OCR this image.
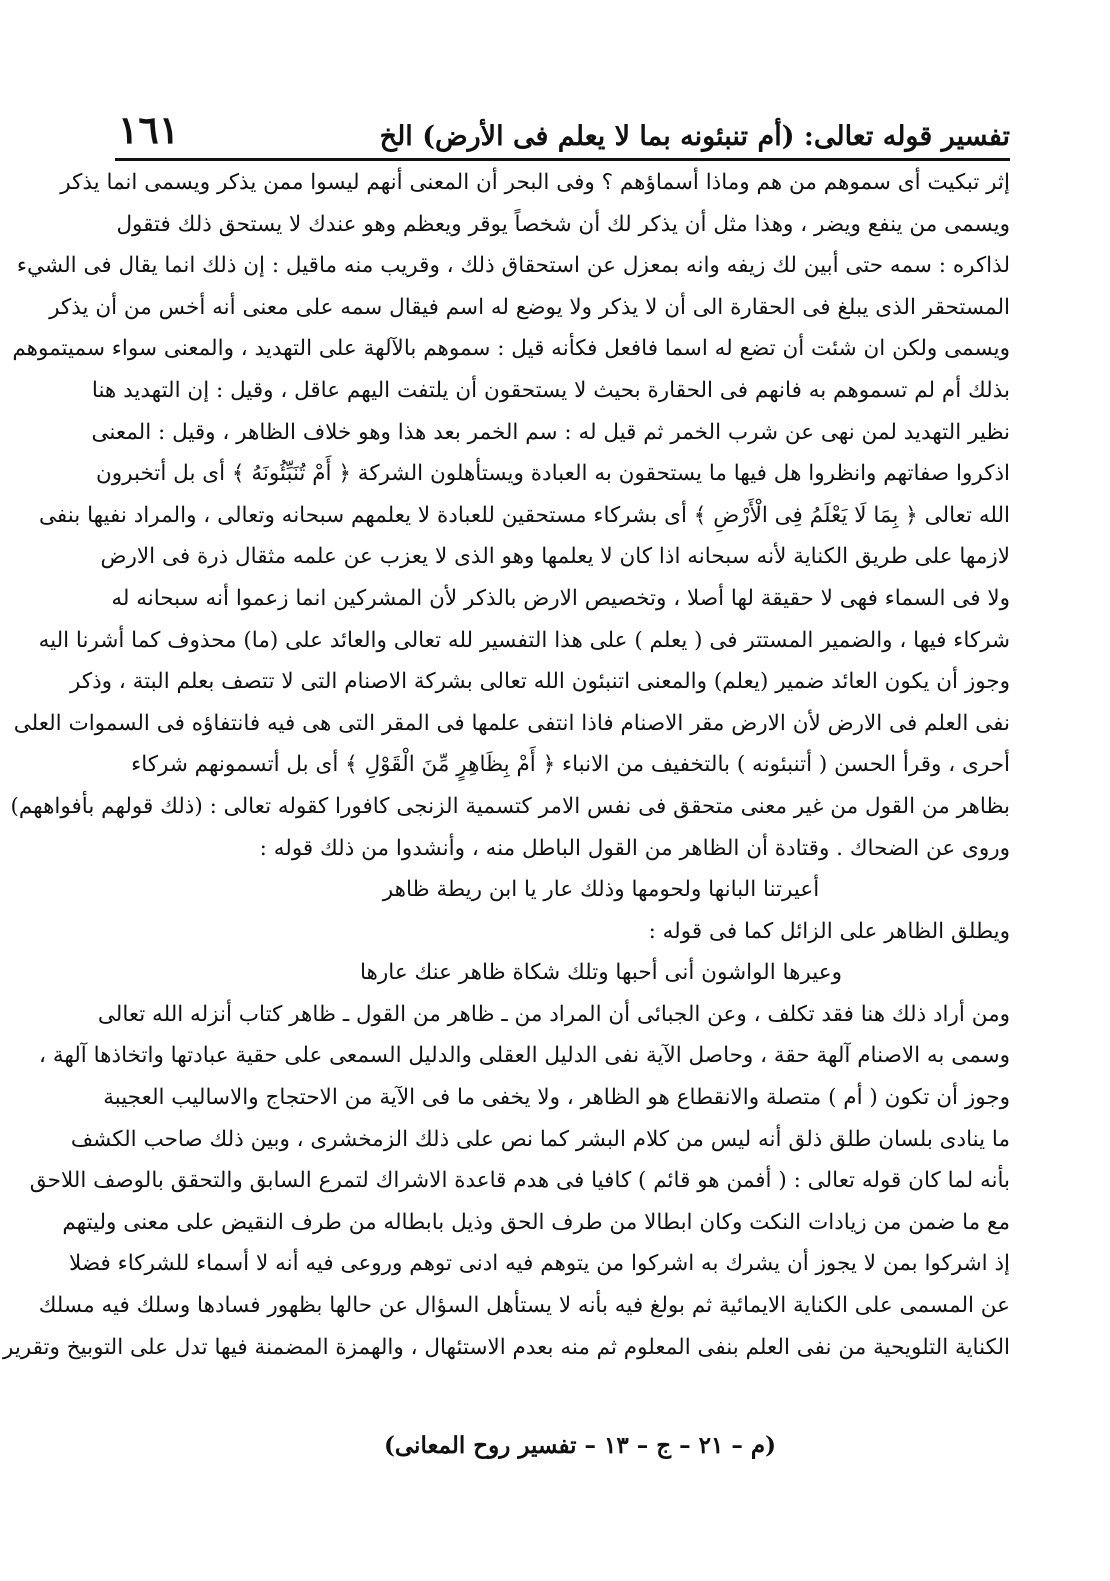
تفسير قوله تعالى: (أم تنبئونه بما لا يعلم فى الأرض) الخ
١٦١
إثر تبكيت أى سموهم من هم وماذا أسماؤهم ؟ وفى البحر أن المعنى أنهم ليسوا ممن يذكر ويسمى انما يذكر
ويسمى من ينفع ويضر ، وهذا مثل أن يذكر لك أن شخصاً يوقر ويعظم وهو عندك لا يستحق ذلك فتقول
لذاكره : سمه حتى أبين لك زيفه وانه بمعزل عن استحقاق ذلك ، وقريب منه ماقيل : إن ذلك انما يقال فى الشيء
المستحقر الذى يبلغ فى الحقارة الى أن لا يذكر ولا يوضع له اسم فيقال سمه على معنى أنه أخس من أن يذكر
ويسمى ولكن ان شئت أن تضع له اسما فافعل فكأنه قيل : سموهم بالآلهة على التهديد ، والمعنى سواء سميتموهم
بذلك أم لم تسموهم به فانهم فى الحقارة بحيث لا يستحقون أن يلتفت اليهم عاقل ، وقيل : إن التهديد هنا
نظير التهديد لمن نهى عن شرب الخمر ثم قيل له : سم الخمر بعد هذا وهو خلاف الظاهر ، وقيل : المعنى
اذكروا صفاتهم وانظروا هل فيها ما يستحقون به العبادة ويستأهلون الشركة ﴿ أَمْ تُنَبِّئُونَهُ ﴾ أى بل أتخبرون
الله تعالى ﴿ بِمَا لَا يَعْلَمُ فِى الْأَرْضِ ﴾ أى بشركاء مستحقين للعبادة لا يعلمهم سبحانه وتعالى ، والمراد نفيها بنفى
لازمها على طريق الكناية لأنه سبحانه اذا كان لا يعلمها وهو الذى لا يعزب عن علمه مثقال ذرة فى الارض
ولا فى السماء فهى لا حقيقة لها أصلا ، وتخصيص الارض بالذكر لأن المشركين انما زعموا أنه سبحانه له
شركاء فيها ، والضمير المستتر فى ( يعلم ) على هذا التفسير لله تعالى والعائد على (ما) محذوف كما أشرنا اليه
وجوز أن يكون العائد ضمير (يعلم) والمعنى اتنبئون الله تعالى بشركة الاصنام التى لا تتصف بعلم البتة ، وذكر
نفى العلم فى الارض لأن الارض مقر الاصنام فاذا انتفى علمها فى المقر التى هى فيه فانتفاؤه فى السموات العلى
أحرى ، وقرأ الحسن ( أتنبئونه ) بالتخفيف من الانباء ﴿ أَمْ بِظَاهِرٍ مِّنَ الْقَوْلِ ﴾ أى بل أتسمونهم شركاء
بظاهر من القول من غير معنى متحقق فى نفس الامر كتسمية الزنجى كافورا كقوله تعالى : (ذلك قولهم بأفواههم)
وروى عن الضحاك . وقتادة أن الظاهر من القول الباطل منه ، وأنشدوا من ذلك قوله :
أعيرتنا البانها ولحومها وذلك عار يا ابن ريطة ظاهر
ويطلق الظاهر على الزائل كما فى قوله :
وعيرها الواشون أنى أحبها وتلك شكاة ظاهر عنك عارها
ومن أراد ذلك هنا فقد تكلف ، وعن الجبائى أن المراد من ـ ظاهر من القول ـ ظاهر كتاب أنزله الله تعالى
وسمى به الاصنام آلهة حقة ، وحاصل الآية نفى الدليل العقلى والدليل السمعى على حقية عبادتها واتخاذها آلهة ،
وجوز أن تكون ( أم ) متصلة والانقطاع هو الظاهر ، ولا يخفى ما فى الآية من الاحتجاج والاساليب العجيبة
ما ينادى بلسان طلق ذلق أنه ليس من كلام البشر كما نص على ذلك الزمخشرى ، وبين ذلك صاحب الكشف
بأنه لما كان قوله تعالى : ( أفمن هو قائم ) كافيا فى هدم قاعدة الاشراك لتمرع السابق والتحقق بالوصف اللاحق
مع ما ضمن من زيادات النكت وكان ابطالا من طرف الحق وذيل بابطاله من طرف النقيض على معنى وليتهم
إذ اشركوا بمن لا يجوز أن يشرك به اشركوا من يتوهم فيه ادنى توهم وروعى فيه أنه لا أسماء للشركاء فضلا
عن المسمى على الكناية الايمائية ثم بولغ فيه بأنه لا يستأهل السؤال عن حالها بظهور فسادها وسلك فيه مسلك
الكناية التلويحية من نفى العلم بنفى المعلوم ثم منه بعدم الاستئهال ، والهمزة المضمنة فيها تدل على التوبيخ وتقرير
(م – ٢١ – ج – ١٣ – تفسير روح المعانى)
